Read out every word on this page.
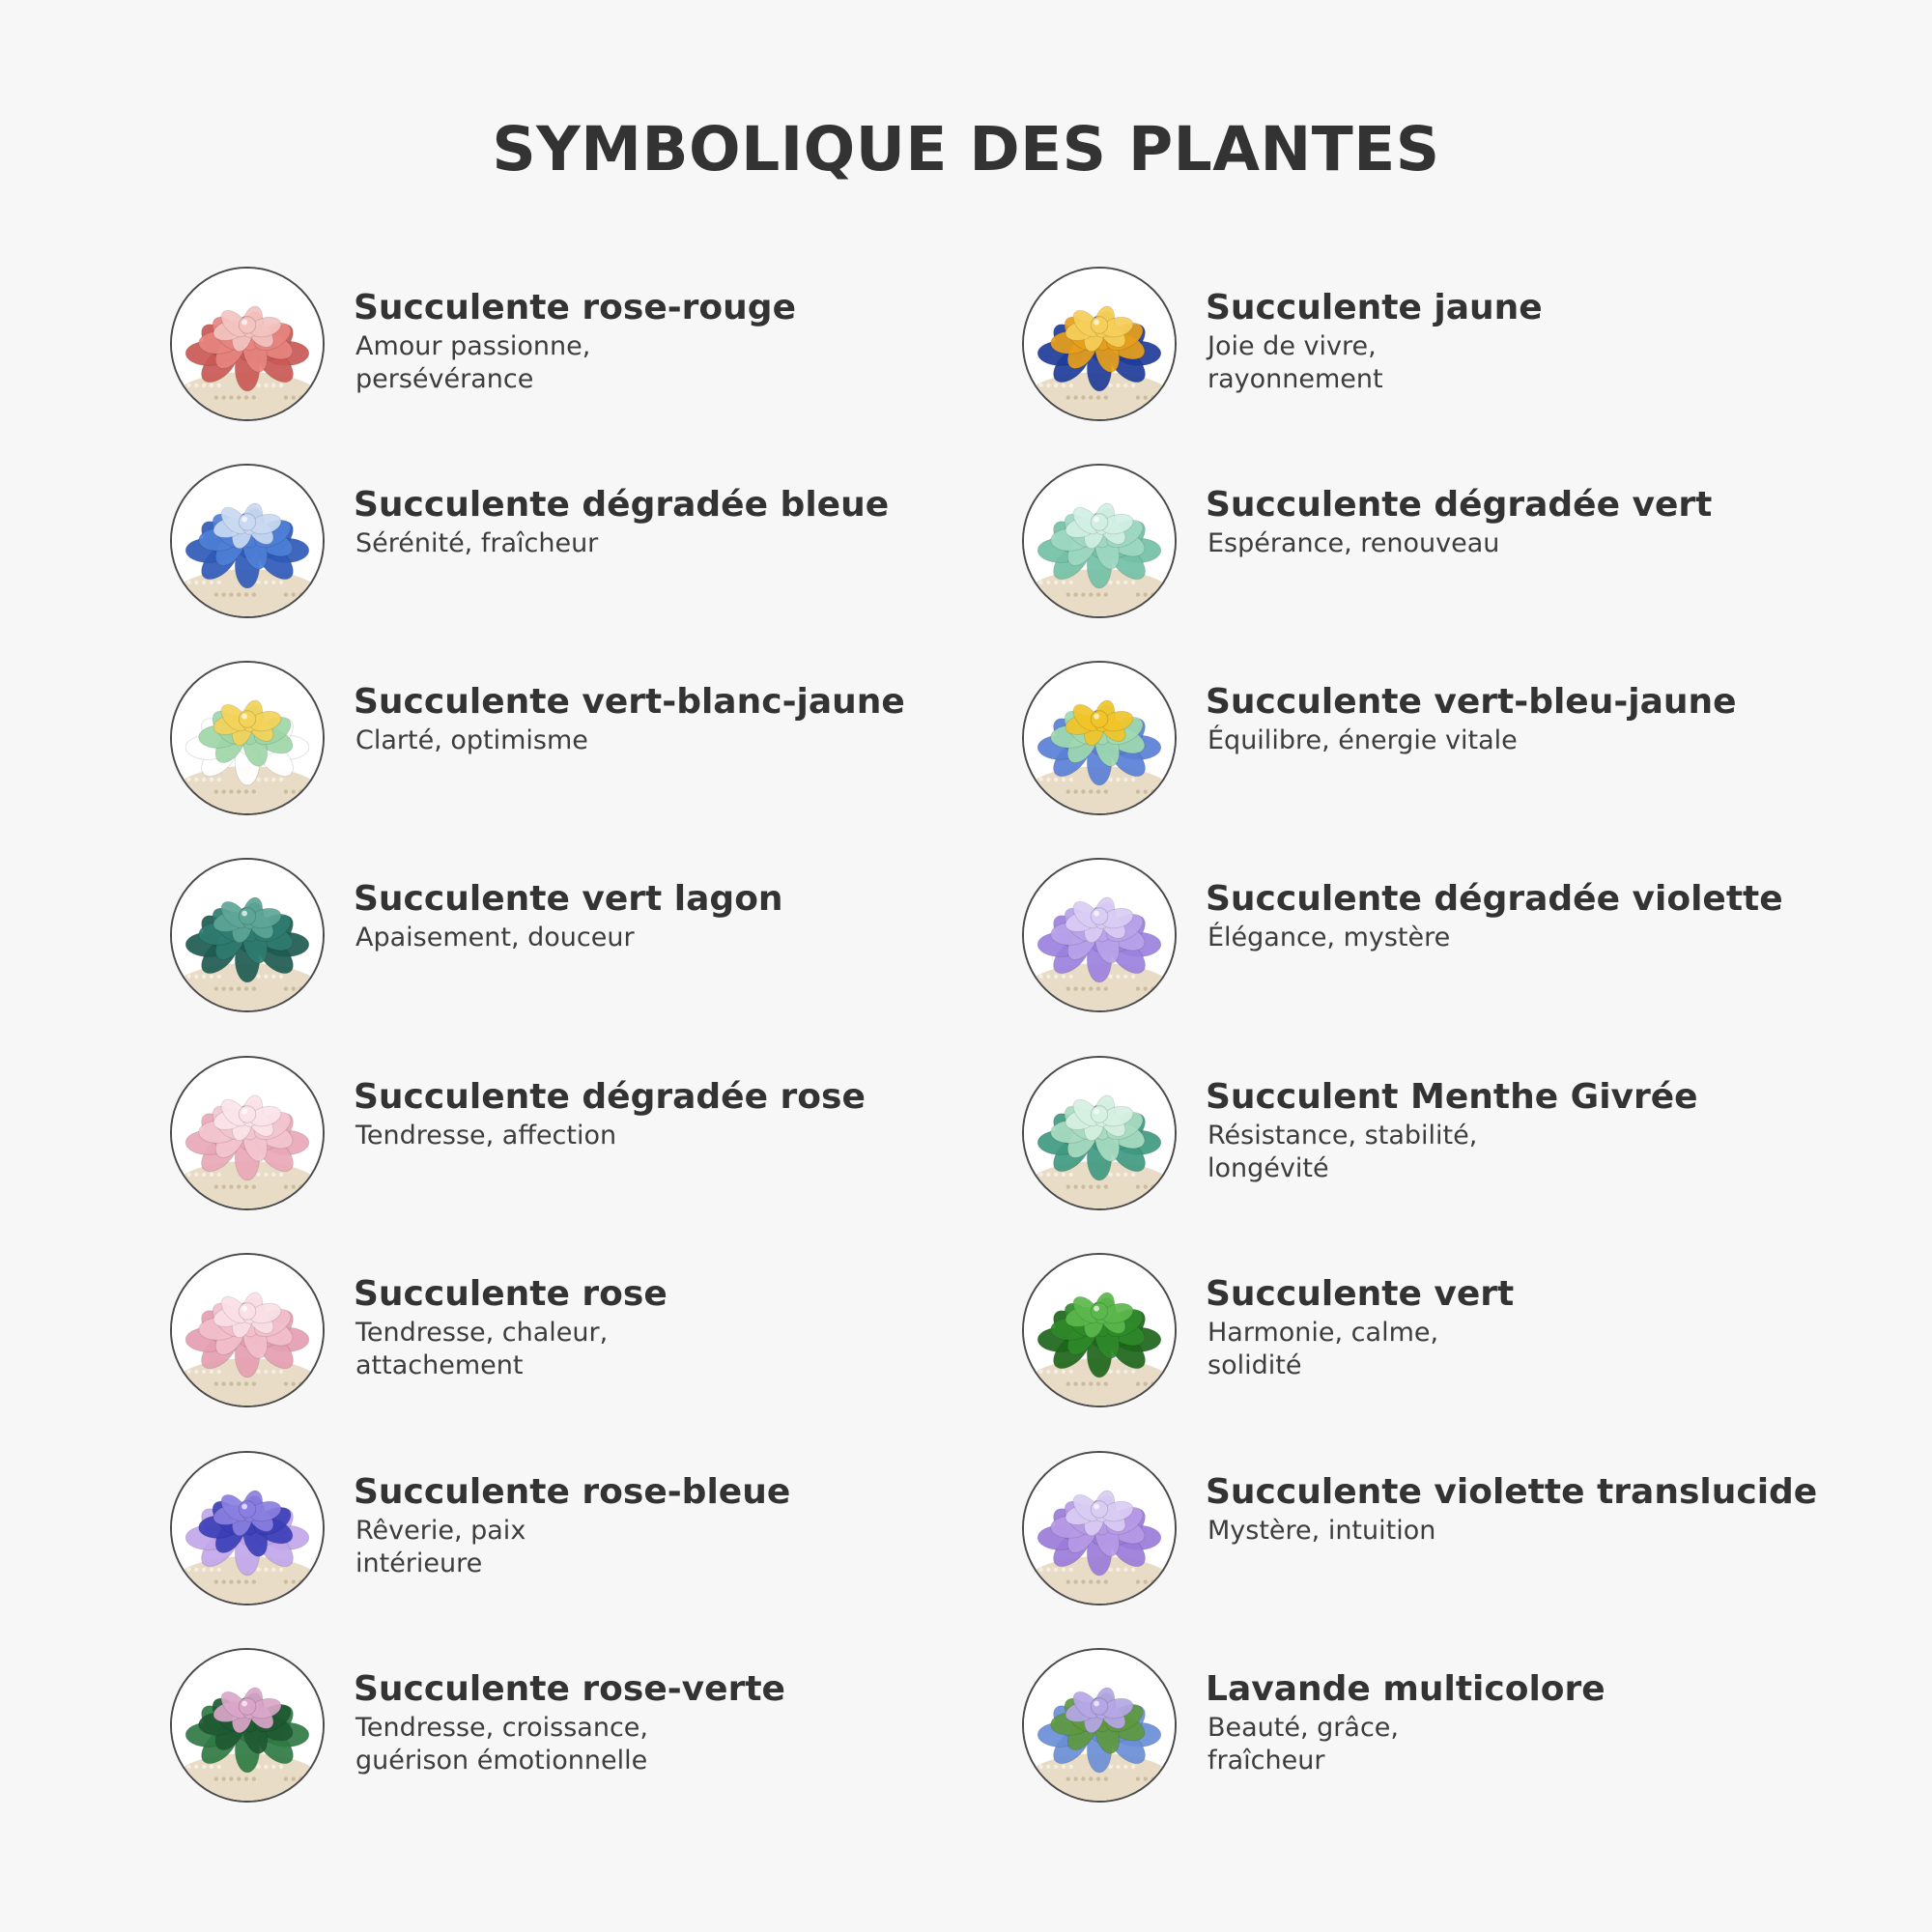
SYMBOLIQUE DES PLANTES
Succulente rose-rouge
Amour passionne,
persévérance
Succulente jaune
Joie de vivre,
rayonnement
Succulente dégradée bleue
Sérénité, fraîcheur
Succulente dégradée vert
Espérance, renouveau
Succulente vert-blanc-jaune
Clarté, optimisme
Succulente vert-bleu-jaune
Équilibre, énergie vitale
Succulente vert lagon
Apaisement, douceur
Succulente dégradée violette
Élégance, mystère
Succulente dégradée rose
Tendresse, affection
Succulent Menthe Givrée
Résistance, stabilité,
longévité
Succulente rose
Tendresse, chaleur,
attachement
Succulente vert
Harmonie, calme,
solidité
Succulente rose-bleue
Rêverie, paix
intérieure
Succulente violette translucide
Mystère, intuition
Succulente rose-verte
Tendresse, croissance,
guérison émotionnelle
Lavande multicolore
Beauté, grâce,
fraîcheur
